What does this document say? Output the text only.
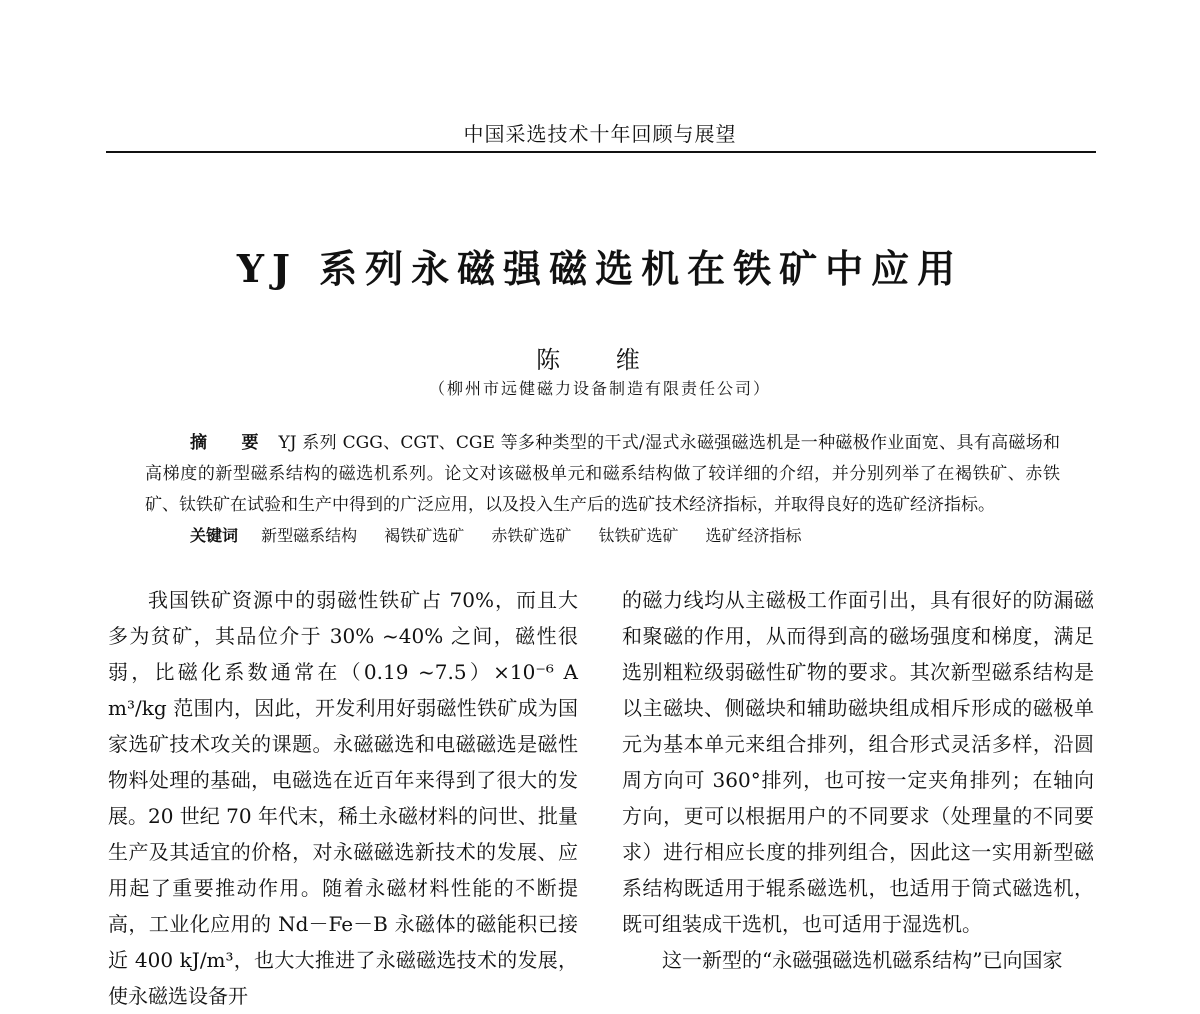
中国采选技术十年回顾与展望
YJ 系列永磁强磁选机在铁矿中应用
陈 维
（柳州市远健磁力设备制造有限责任公司）
摘 要 YJ 系列 CGG、CGT、CGE 等多种类型的干式/湿式永磁强磁选机是一种磁极作业面宽、具有高磁场和高梯度的新型磁系结构的磁选机系列。论文对该磁极单元和磁系结构做了较详细的介绍，并分别列举了在褐铁矿、赤铁矿、钛铁矿在试验和生产中得到的广泛应用，以及投入生产后的选矿技术经济指标，并取得良好的选矿经济指标。
关键词 新型磁系结构 褐铁矿选矿 赤铁矿选矿 钛铁矿选矿 选矿经济指标
我国铁矿资源中的弱磁性铁矿占 70%，而且大多为贫矿，其品位介于 30% ~40% 之间，磁性很弱，比磁化系数通常在（0.19 ~7.5）×10⁻⁶ A m³/kg 范围内，因此，开发利用好弱磁性铁矿成为国家选矿技术攻关的课题。永磁磁选和电磁磁选是磁性物料处理的基础，电磁选在近百年来得到了很大的发展。20 世纪 70 年代末，稀土永磁材料的问世、批量生产及其适宜的价格，对永磁磁选新技术的发展、应用起了重要推动作用。随着永磁材料性能的不断提高，工业化应用的 Nd－Fe－B 永磁体的磁能积已接近 400 kJ/m³，也大大推进了永磁磁选技术的发展，使永磁选设备开
的磁力线均从主磁极工作面引出，具有很好的防漏磁和聚磁的作用，从而得到高的磁场强度和梯度，满足选别粗粒级弱磁性矿物的要求。其次新型磁系结构是以主磁块、侧磁块和辅助磁块组成相斥形成的磁极单元为基本单元来组合排列，组合形式灵活多样，沿圆周方向可 360°排列，也可按一定夹角排列；在轴向方向，更可以根据用户的不同要求（处理量的不同要求）进行相应长度的排列组合，因此这一实用新型磁系结构既适用于辊系磁选机，也适用于筒式磁选机，既可组装成干选机，也可适用于湿选机。
这一新型的“永磁强磁选机磁系结构”已向国家
